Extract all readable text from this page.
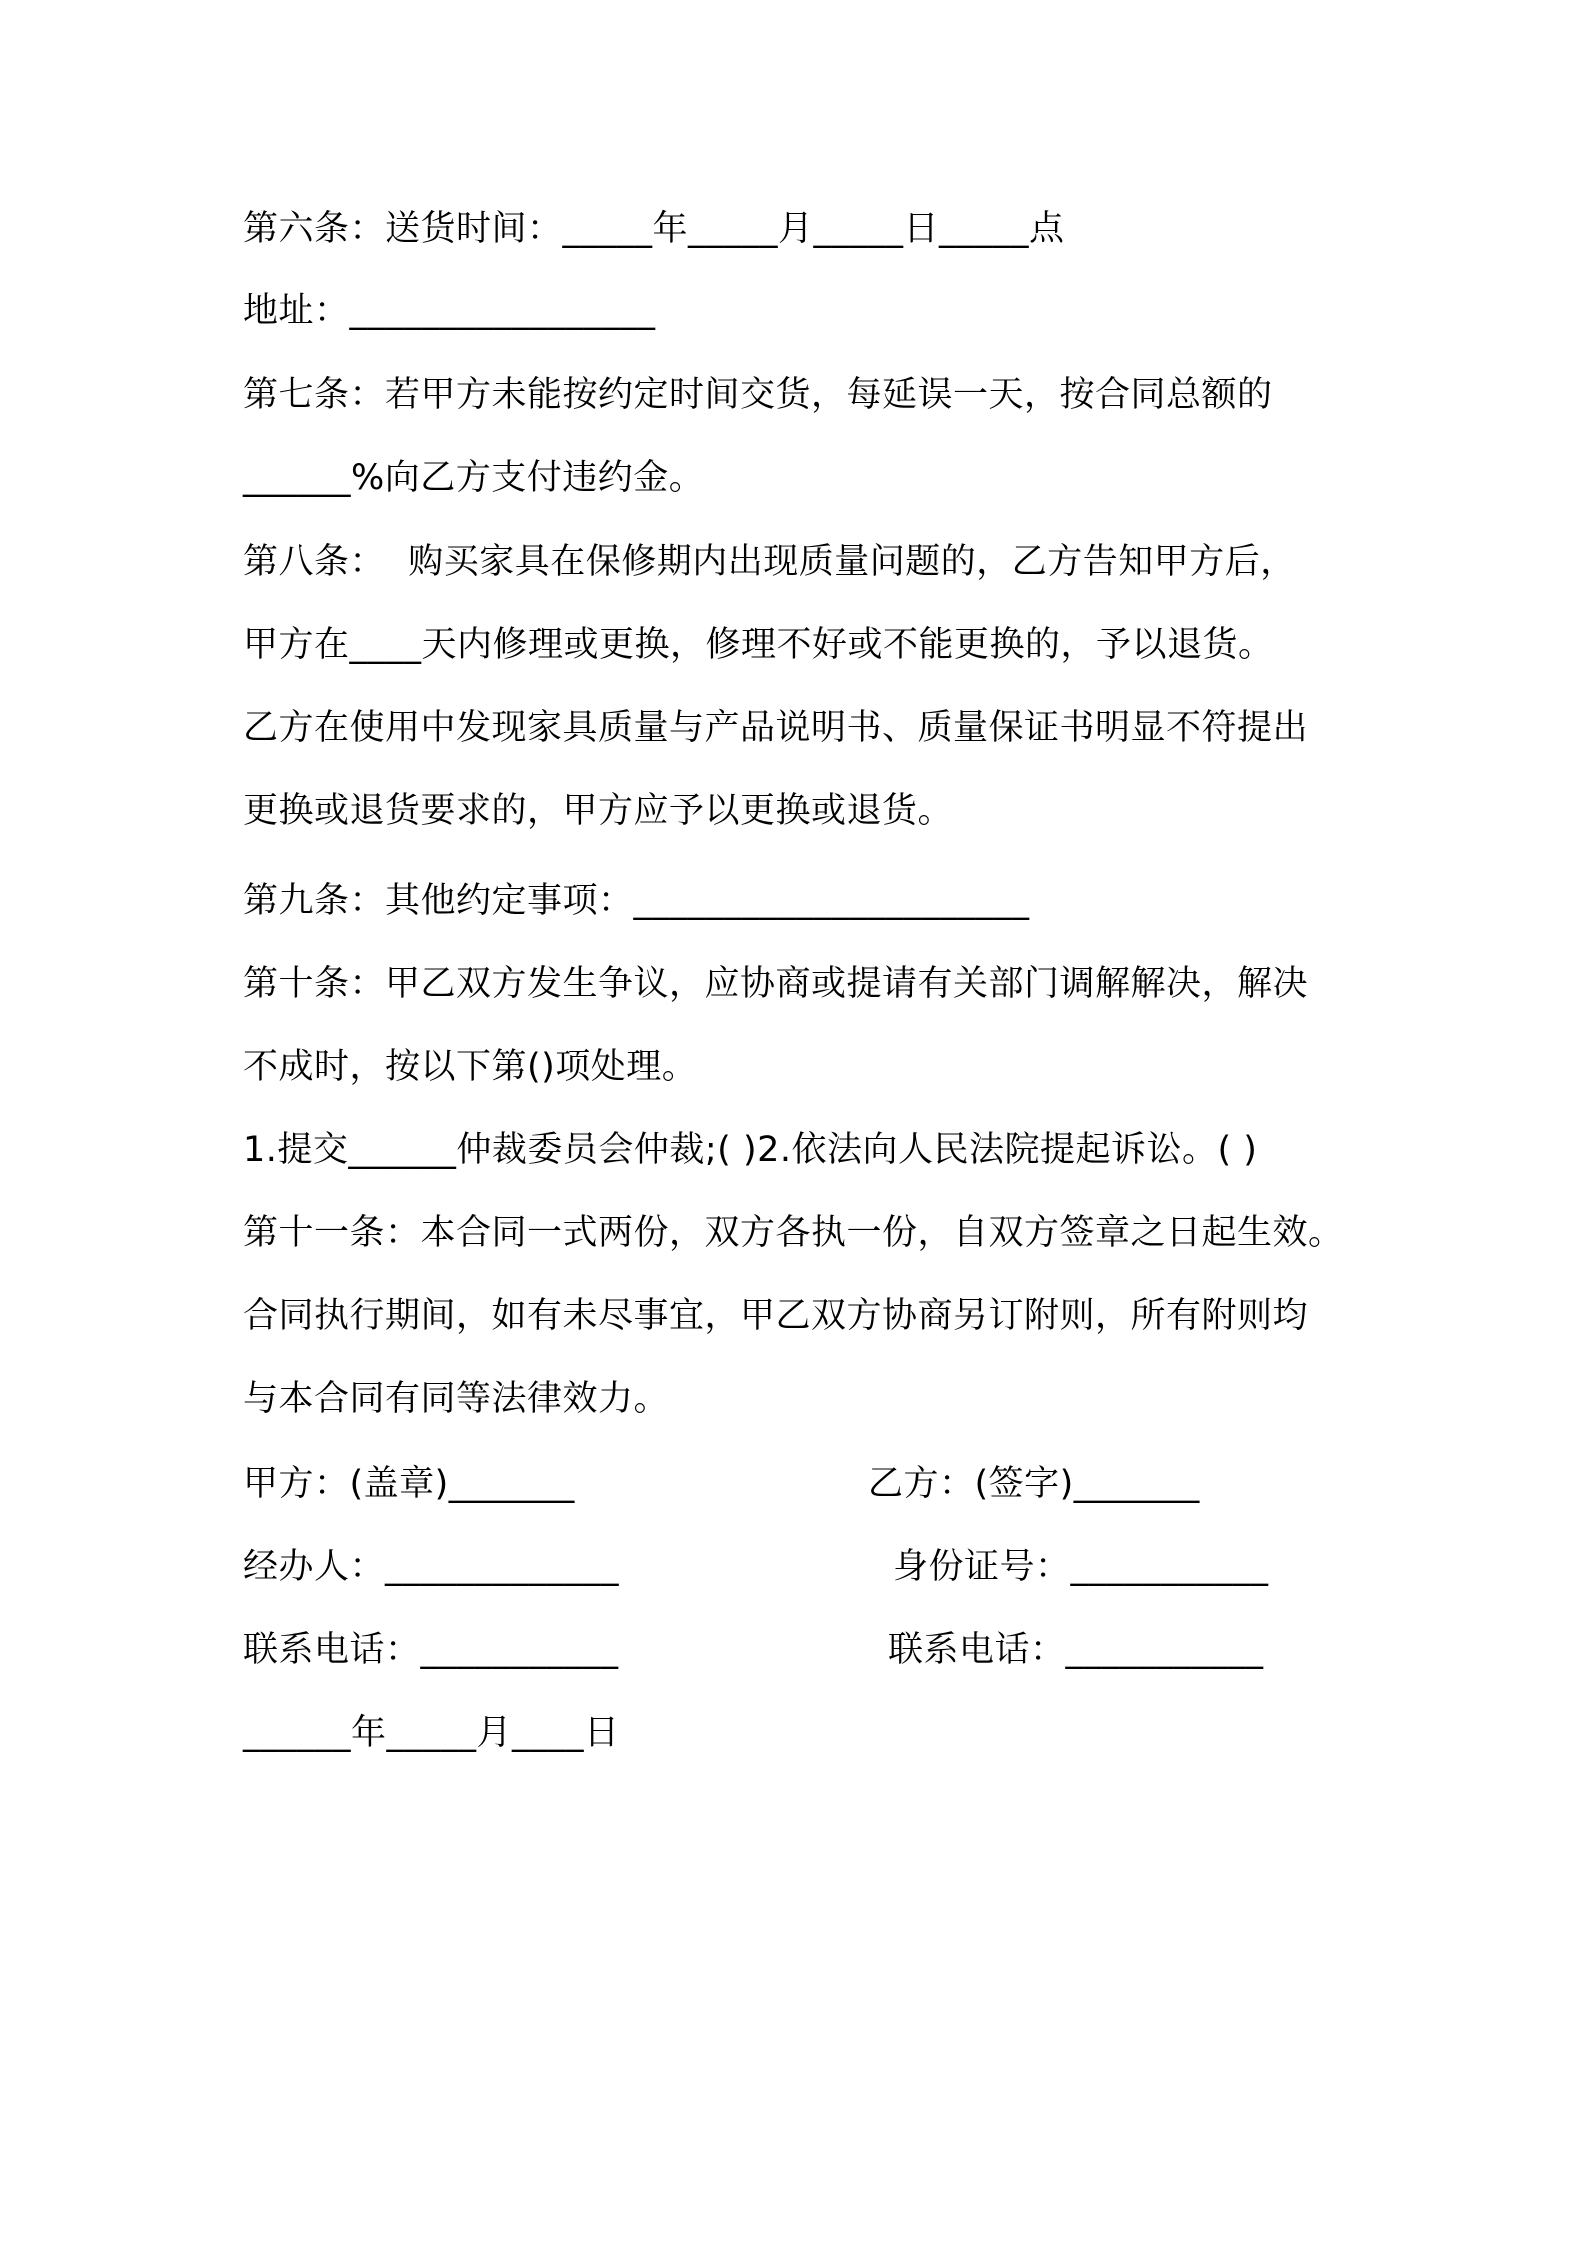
第六条：送货时间：_____年_____月_____日_____点
地址：_________________
第七条：若甲方未能按约定时间交货，每延误一天，按合同总额的
______%向乙方支付违约金。
第八条：  购买家具在保修期内出现质量问题的，乙方告知甲方后，
甲方在____天内修理或更换，修理不好或不能更换的，予以退货。
乙方在使用中发现家具质量与产品说明书、质量保证书明显不符提出
更换或退货要求的，甲方应予以更换或退货。
第九条：其他约定事项：______________________
第十条：甲乙双方发生争议，应协商或提请有关部门调解解决，解决
不成时，按以下第()项处理。
1.提交______仲裁委员会仲裁;( )2.依法向人民法院提起诉讼。( )
第十一条：本合同一式两份，双方各执一份，自双方签章之日起生效。
合同执行期间，如有未尽事宜，甲乙双方协商另订附则，所有附则均
与本合同有同等法律效力。
甲方：(盖章)_______	乙方：(签字)_______
经办人：_____________	身份证号：___________
联系电话：___________	联系电话：___________
______年_____月____日
